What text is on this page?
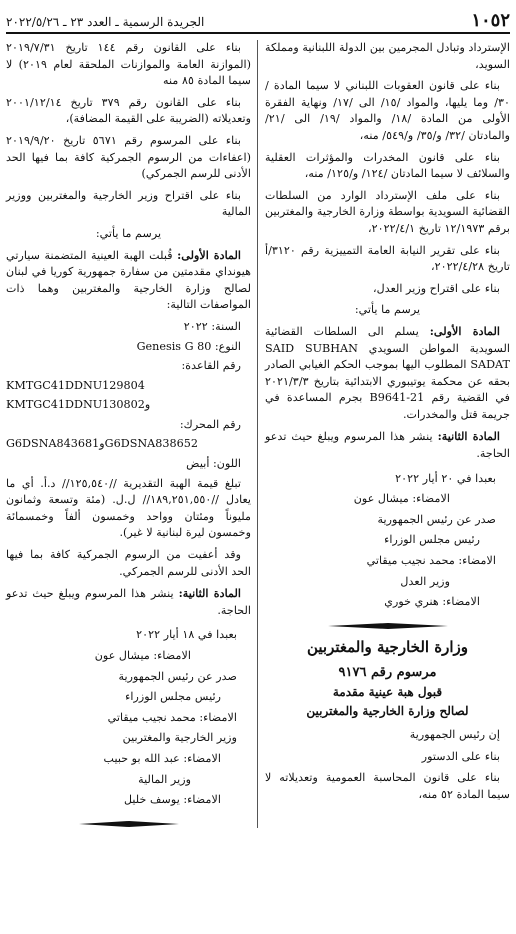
١٠٥٢
الجريدة الرسمية ـ العدد ٢٣ ـ ٢٠٢٢/٥/٢٦

الإسترداد وتبادل المجرمين بين الدولة اللبنانية ومملكة السويد،

بناء على قانون العقوبات اللبناني لا سيما المادة /٣٠/ وما يليها، والمواد /١٥/ الى /١٧/ ونهاية الفقرة الأولى من المادة /١٨/ والمواد /١٩/ الى /٢١/ والمادتان /٣٢/ و/٣٥/ و/٥٤٩/ منه،

بناء على قانون المخدرات والمؤثرات العقلية والسلائف لا سيما المادتان /١٢٤/ و/١٢٥/ منه،

بناء على ملف الإسترداد الوارد من السلطات القضائية السويدية بواسطة وزارة الخارجية والمغتربين برقم ١٢/١٩٧٣ تاريخ ٢٠٢٢/٤/١،

بناء على تقرير النيابة العامة التمييزية رقم ٣١٢٠/أ تاريخ ٢٠٢٢/٤/٢٨،

بناء على اقتراح وزير العدل،

يرسم ما يأتي:

المادة الأولى: يسلم الى السلطات القضائية السويدية المواطن السويدي SAID SUBHAN SADAT المطلوب اليها بموجب الحكم الغيابي الصادر بحقه عن محكمة يوتيبوري الابتدائية بتاريخ ٢٠٢١/٣/٣ في القضية رقم B9641-21 بجرم المساعدة في جريمة قتل والمخدرات.

المادة الثانية: ينشر هذا المرسوم ويبلغ حيث تدعو الحاجة.

بعبدا في ٢٠ أيار ٢٠٢٢

الامضاء: ميشال عون

صدر عن رئيس الجمهورية

رئيس مجلس الوزراء

الامضاء: محمد نجيب ميقاتي

وزير العدل

الامضاء: هنري خوري

وزارة الخارجية والمغتربين

مرسوم رقم ٩١٧٦

قبول هبة عينية مقدمة

لصالح وزارة الخارجية والمغتربين

إن رئيس الجمهورية

بناء على الدستور

بناء على قانون المحاسبة العمومية وتعديلاته لا سيما المادة ٥٢ منه،

بناء على القانون رقم ١٤٤ تاريخ ٢٠١٩/٧/٣١ (الموازنة العامة والموازنات الملحقة لعام ٢٠١٩) لا سيما المادة ٨٥ منه

بناء على القانون رقم ٣٧٩ تاريخ ٢٠٠١/١٢/١٤ وتعديلاته (الضريبة على القيمة المضافة)،

بناء على المرسوم رقم ٥٦٧١ تاريخ ٢٠١٩/٩/٢٠ (اعفاءات من الرسوم الجمركية كافة بما فيها الحد الأدنى للرسم الجمركي)

بناء على اقتراح وزير الخارجية والمغتربين ووزير المالية

يرسم ما يأتي:

المادة الأولى: قُبلت الهبة العينية المتضمنة سيارتي هيونداي مقدمتين من سفارة جمهورية كوريا في لبنان لصالح وزارة الخارجية والمغتربين وهما ذات المواصفات التالية:

السنة: ٢٠٢٢

النوع: Genesis G 80

رقم القاعدة:

KMTGC41DDNU129804

KMTGC41DDNU130802و

رقم المحرك:

G6DSNA843681وG6DSNA838652

اللون: أبيض

تبلغ قيمة الهبة التقديرية //١٢٥,٥٤٠// د.أ. أي ما يعادل //١٨٩,٢٥١,٥٥٠// ل.ل. (مئة وتسعة وثمانون مليوناً ومئتان وواحد وخمسون ألفاً وخمسمائة وخمسون ليرة لبنانية لا غير).

وقد أعفيت من الرسوم الجمركية كافة بما فيها الحد الأدنى للرسم الجمركي.

المادة الثانية: ينشر هذا المرسوم ويبلغ حيث تدعو الحاجة.

بعبدا في ١٨ أيار ٢٠٢٢

الامضاء: ميشال عون

صدر عن رئيس الجمهورية

رئيس مجلس الوزراء

الامضاء: محمد نجيب ميقاتي

وزير الخارجية والمغتربين

الامضاء: عبد الله بو حبيب

وزير المالية

الامضاء: يوسف خليل
